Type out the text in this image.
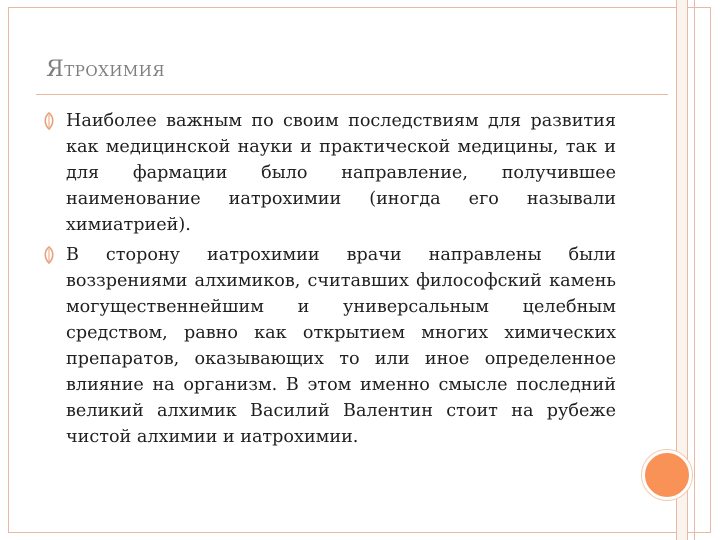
Ятрохимия
Наиболее важным по своим последствиям для развития как медицинской науки и практической медицины, так и для фармации было направление, получившее наименование иатрохимии (иногда его называли химиатрией).
В сторону иатрохимии врачи направлены были воззрениями алхимиков, считавших философский камень могущественнейшим и универсальным целебным средством, равно как открытием многих химических препаратов, оказывающих то или иное определенное влияние на организм. В этом именно смысле последний великий алхимик Василий Валентин стоит на рубеже чистой алхимии и иатрохимии.
